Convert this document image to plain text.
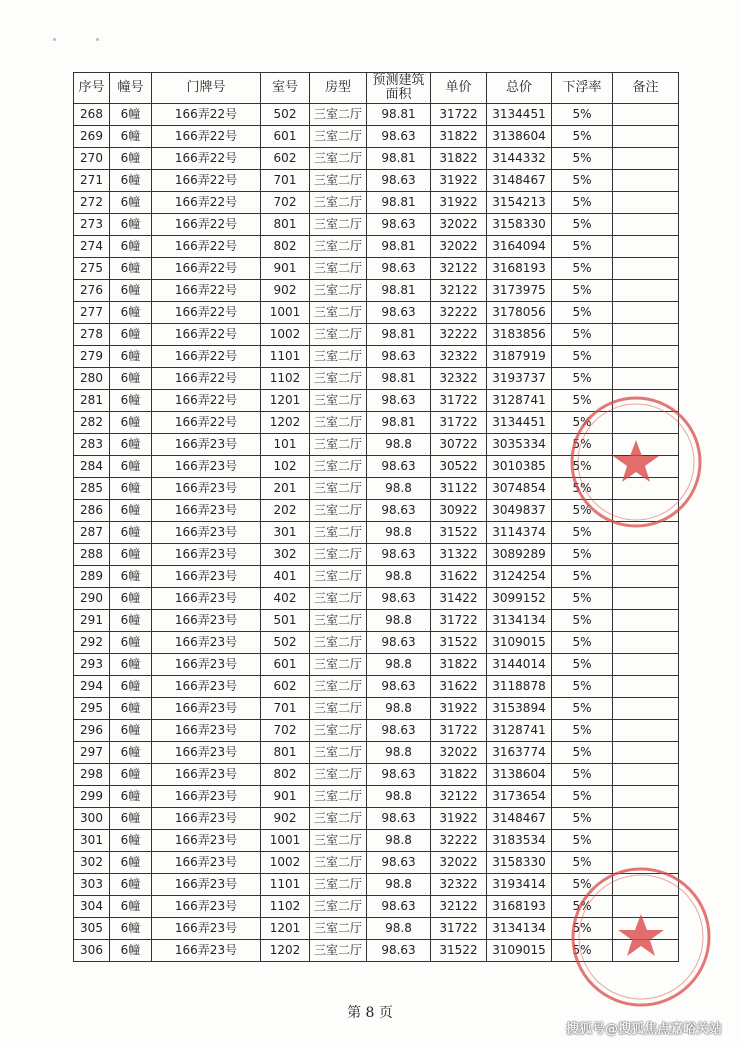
序号	幢号	门牌号	室号	房型	预测建筑面积	单价	总价	下浮率	备注
268	6幢	166弄22号	502	三室二厅	98.81	31722	3134451	5%	
269	6幢	166弄22号	601	三室二厅	98.63	31822	3138604	5%	
270	6幢	166弄22号	602	三室二厅	98.81	31822	3144332	5%	
271	6幢	166弄22号	701	三室二厅	98.63	31922	3148467	5%	
272	6幢	166弄22号	702	三室二厅	98.81	31922	3154213	5%	
273	6幢	166弄22号	801	三室二厅	98.63	32022	3158330	5%	
274	6幢	166弄22号	802	三室二厅	98.81	32022	3164094	5%	
275	6幢	166弄22号	901	三室二厅	98.63	32122	3168193	5%	
276	6幢	166弄22号	902	三室二厅	98.81	32122	3173975	5%	
277	6幢	166弄22号	1001	三室二厅	98.63	32222	3178056	5%	
278	6幢	166弄22号	1002	三室二厅	98.81	32222	3183856	5%	
279	6幢	166弄22号	1101	三室二厅	98.63	32322	3187919	5%	
280	6幢	166弄22号	1102	三室二厅	98.81	32322	3193737	5%	
281	6幢	166弄22号	1201	三室二厅	98.63	31722	3128741	5%	
282	6幢	166弄22号	1202	三室二厅	98.81	31722	3134451	5%	
283	6幢	166弄23号	101	三室二厅	98.8	30722	3035334	5%	
284	6幢	166弄23号	102	三室二厅	98.63	30522	3010385	5%	
285	6幢	166弄23号	201	三室二厅	98.8	31122	3074854	5%	
286	6幢	166弄23号	202	三室二厅	98.63	30922	3049837	5%	
287	6幢	166弄23号	301	三室二厅	98.8	31522	3114374	5%	
288	6幢	166弄23号	302	三室二厅	98.63	31322	3089289	5%	
289	6幢	166弄23号	401	三室二厅	98.8	31622	3124254	5%	
290	6幢	166弄23号	402	三室二厅	98.63	31422	3099152	5%	
291	6幢	166弄23号	501	三室二厅	98.8	31722	3134134	5%	
292	6幢	166弄23号	502	三室二厅	98.63	31522	3109015	5%	
293	6幢	166弄23号	601	三室二厅	98.8	31822	3144014	5%	
294	6幢	166弄23号	602	三室二厅	98.63	31622	3118878	5%	
295	6幢	166弄23号	701	三室二厅	98.8	31922	3153894	5%	
296	6幢	166弄23号	702	三室二厅	98.63	31722	3128741	5%	
297	6幢	166弄23号	801	三室二厅	98.8	32022	3163774	5%	
298	6幢	166弄23号	802	三室二厅	98.63	31822	3138604	5%	
299	6幢	166弄23号	901	三室二厅	98.8	32122	3173654	5%	
300	6幢	166弄23号	902	三室二厅	98.63	31922	3148467	5%	
301	6幢	166弄23号	1001	三室二厅	98.8	32222	3183534	5%	
302	6幢	166弄23号	1002	三室二厅	98.63	32022	3158330	5%	
303	6幢	166弄23号	1101	三室二厅	98.8	32322	3193414	5%	
304	6幢	166弄23号	1102	三室二厅	98.63	32122	3168193	5%	
305	6幢	166弄23号	1201	三室二厅	98.8	31722	3134134	5%	
306	6幢	166弄23号	1202	三室二厅	98.63	31522	3109015	5%	
第 8 页
搜狐号@搜狐焦点嘉峪关站
